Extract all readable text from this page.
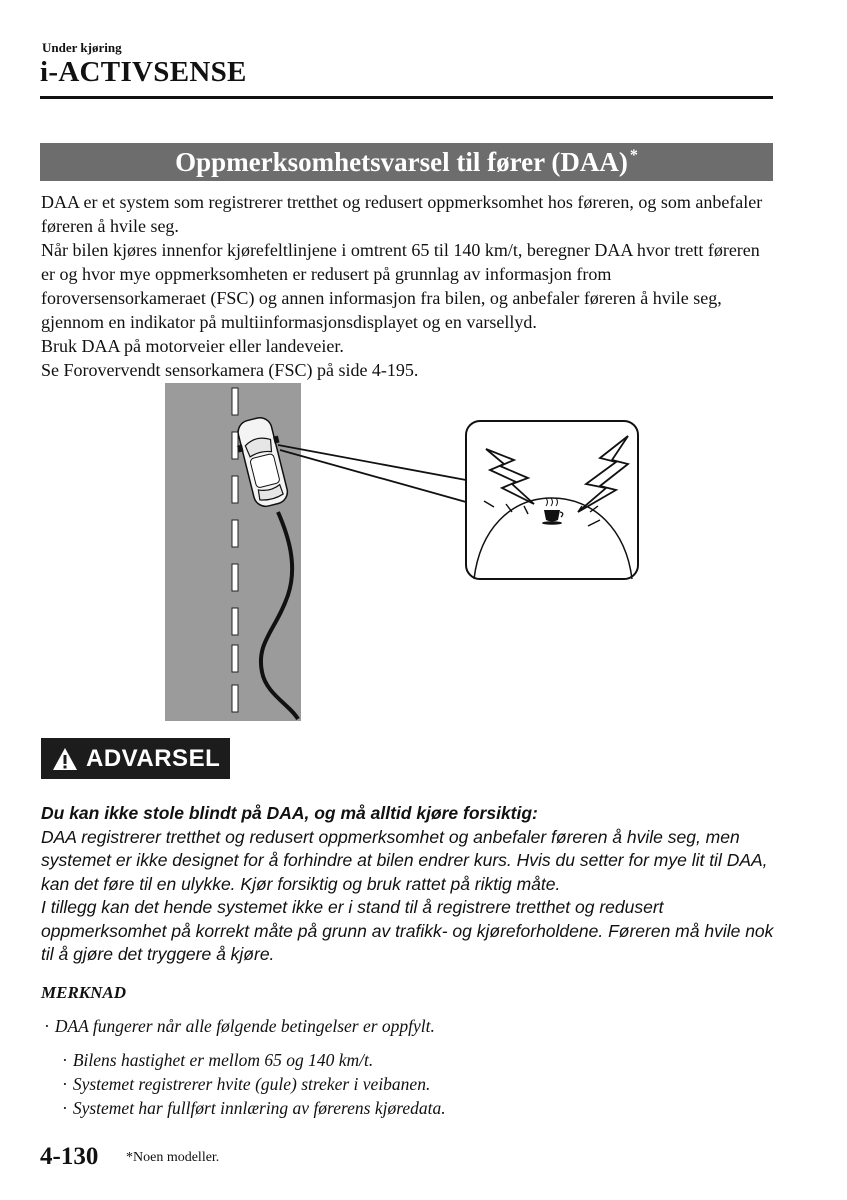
Under kjøring
i-ACTIVSENSE
Oppmerksomhetsvarsel til fører (DAA)*

DAA er et system som registrerer tretthet og redusert oppmerksomhet hos føreren, og som anbefaler føreren å hvile seg.

Når bilen kjøres innenfor kjørefeltlinjene i omtrent 65 til 140 km/t, beregner DAA hvor trett føreren er og hvor mye oppmerksomheten er redusert på grunnlag av informasjon from foroversensorkameraet (FSC) og annen informasjon fra bilen, og anbefaler føreren å hvile seg, gjennom en indikator på multiinformasjonsdisplayet og en varsellyd.

Bruk DAA på motorveier eller landeveier.

Se Forovervendt sensorkamera (FSC) på side 4-195.

ADVARSEL

Du kan ikke stole blindt på DAA, og må alltid kjøre forsiktig:

DAA registrerer tretthet og redusert oppmerksomhet og anbefaler føreren å hvile seg, men systemet er ikke designet for å forhindre at bilen endrer kurs. Hvis du setter for mye lit til DAA, kan det føre til en ulykke. Kjør forsiktig og bruk rattet på riktig måte.

I tillegg kan det hende systemet ikke er i stand til å registrere tretthet og redusert oppmerksomhet på korrekt måte på grunn av trafikk- og kjøreforholdene. Føreren må hvile nok til å gjøre det tryggere å kjøre.

MERKNAD
· DAA fungerer når alle følgende betingelser er oppfylt.
· Bilens hastighet er mellom 65 og 140 km/t.
· Systemet registrerer hvite (gule) streker i veibanen.
· Systemet har fullført innlæring av førerens kjøredata.
4-130 *Noen modeller.
